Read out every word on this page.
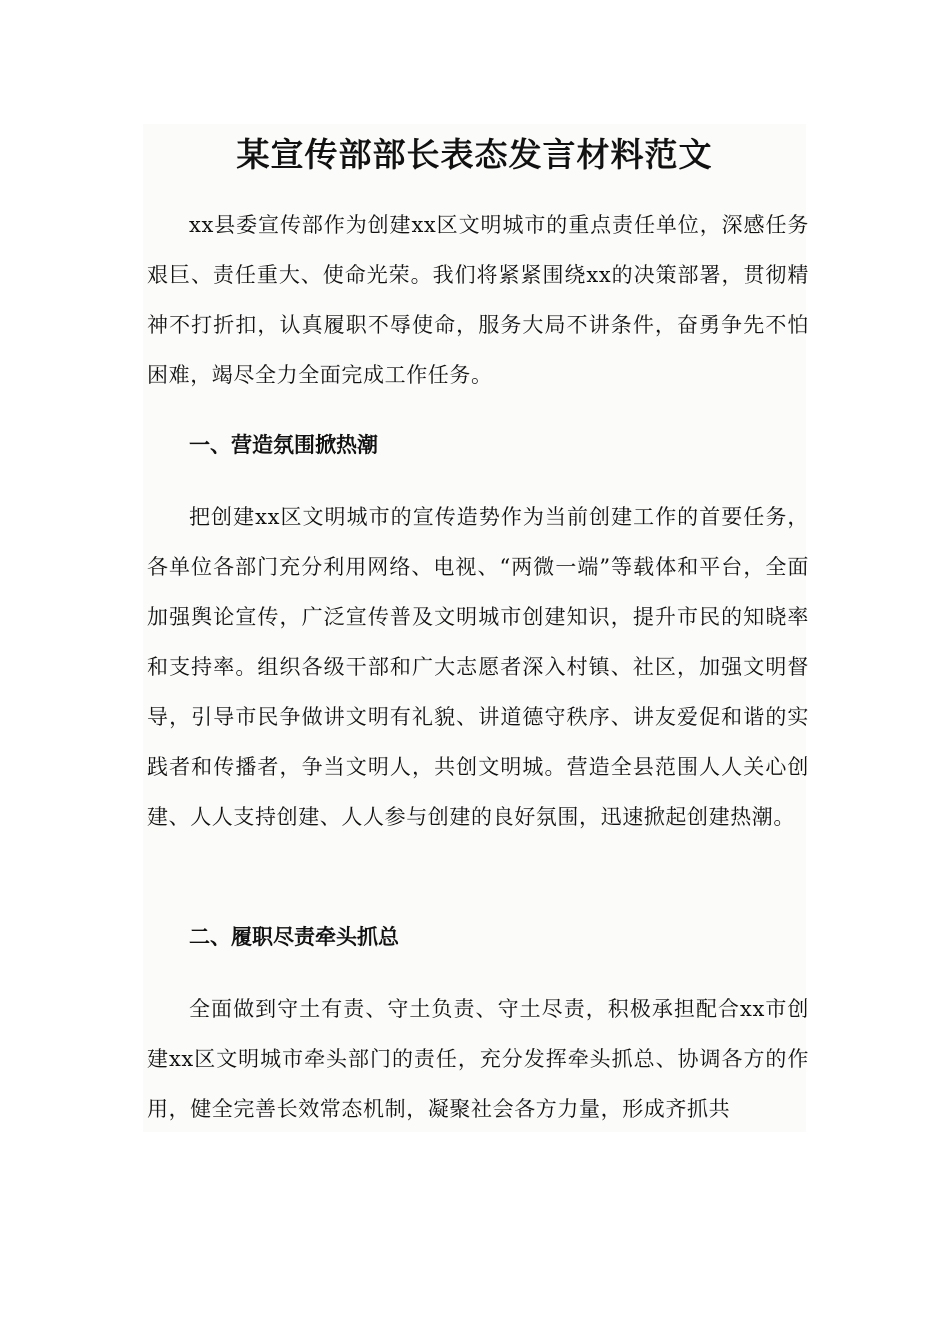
某宣传部部长表态发言材料范文

xx县委宣传部作为创建xx区文明城市的重点责任单位，深感任务艰巨、责任重大、使命光荣。我们将紧紧围绕xx的决策部署，贯彻精神不打折扣，认真履职不辱使命，服务大局不讲条件，奋勇争先不怕困难，竭尽全力全面完成工作任务。

一、营造氛围掀热潮

把创建xx区文明城市的宣传造势作为当前创建工作的首要任务，各单位各部门充分利用网络、电视、“两微一端”等载体和平台，全面加强舆论宣传，广泛宣传普及文明城市创建知识，提升市民的知晓率和支持率。组织各级干部和广大志愿者深入村镇、社区，加强文明督导，引导市民争做讲文明有礼貌、讲道德守秩序、讲友爱促和谐的实践者和传播者，争当文明人，共创文明城。营造全县范围人人关心创建、人人支持创建、人人参与创建的良好氛围，迅速掀起创建热潮。

二、履职尽责牵头抓总

全面做到守土有责、守土负责、守土尽责，积极承担配合xx市创建xx区文明城市牵头部门的责任，充分发挥牵头抓总、协调各方的作用，健全完善长效常态机制，凝聚社会各方力量，形成齐抓共
